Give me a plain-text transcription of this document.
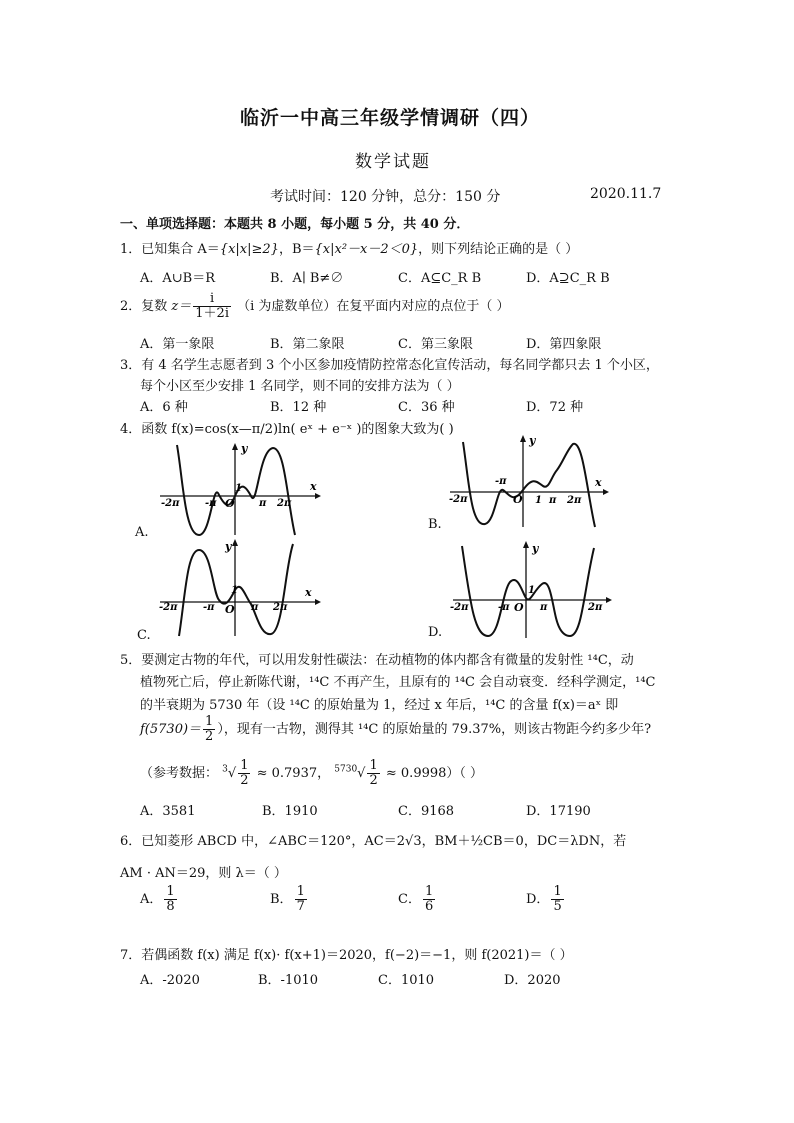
临沂一中高三年级学情调研（四）
数学试题
考试时间：120 分钟，总分：150 分	2020.11.7
一、单项选择题：本题共 8 小题，每小题 5 分，共 40 分．
1．已知集合 A＝{x|x|≥2}，B＝{x|x²－x－2＜0}，则下列结论正确的是（ ）
A．A∪B＝R	B．A∣ B≠∅	C．A⊆C_R B	D．A⊇C_R B
2．复数 $z= \frac{i}{1+2i} (i$ 为虚数单位）在复平面内对应的点位于（ ）
A．第一象限	B．第二象限	C．第三象限	D．第四象限
3．有 4 名学生志愿者到 3 个小区参加疫情防控常态化宣传活动，每名同学都只去 1 个小区，
每个小区至少安排 1 名同学，则不同的安排方法为（ ）
A．6 种	B．12 种	C．36 种	D．72 种
4．函数 f(x)=cos(x—π/2)ln( eˣ + e⁻ˣ )的图象大致为( )
y
x
O
1
-2π	-π	π 2π
A.
y
x
O
-π
-2π	1 π 2π
B.
y
x
O
1
-2π	-π	π 2π
C.
y
O
1
-2π	-π	π	2π
D.
5．要测定古物的年代，可以用发射性碳法：在动植物的体内都含有微量的发射性 ¹⁴C，动
植物死亡后，停止新陈代谢，¹⁴C 不再产生，且原有的 ¹⁴C 会自动衰变．经科学测定，¹⁴C
的半衰期为 5730 年（设 ¹⁴C 的原始量为 1，经过 x 年后，¹⁴C 的含量 f(x)＝aˣ 即
$f(5730)= \frac{1}{2}$ ），现有一古物，测得其 ¹⁴C 的原始量的 79.37%，则该古物距今约多少年?
（参考数据： $^3√ \frac{1}{2} \approx 0.7937$， $^{5730}√ \frac{1}{2} \approx 0.9998$）（ ）
A．3581	B．1910	C．9168	D．17190
6．已知菱形 ABCD 中，∠ABC＝120°，AC＝2√3，BM＋½CB＝0，DC＝λDN，若
AM · AN＝29，则 λ＝（ ）
A． $\frac{1}{8}$	B． $\frac{1}{7}$	C． $\frac{1}{6}$	D． $\frac{1}{5}$
7．若偶函数 f(x) 满足 f(x)· f(x+1)＝2020，f(−2)＝−1，则 f(2021)＝（ ）
A．-2020	B．-1010	C．1010	D．2020
